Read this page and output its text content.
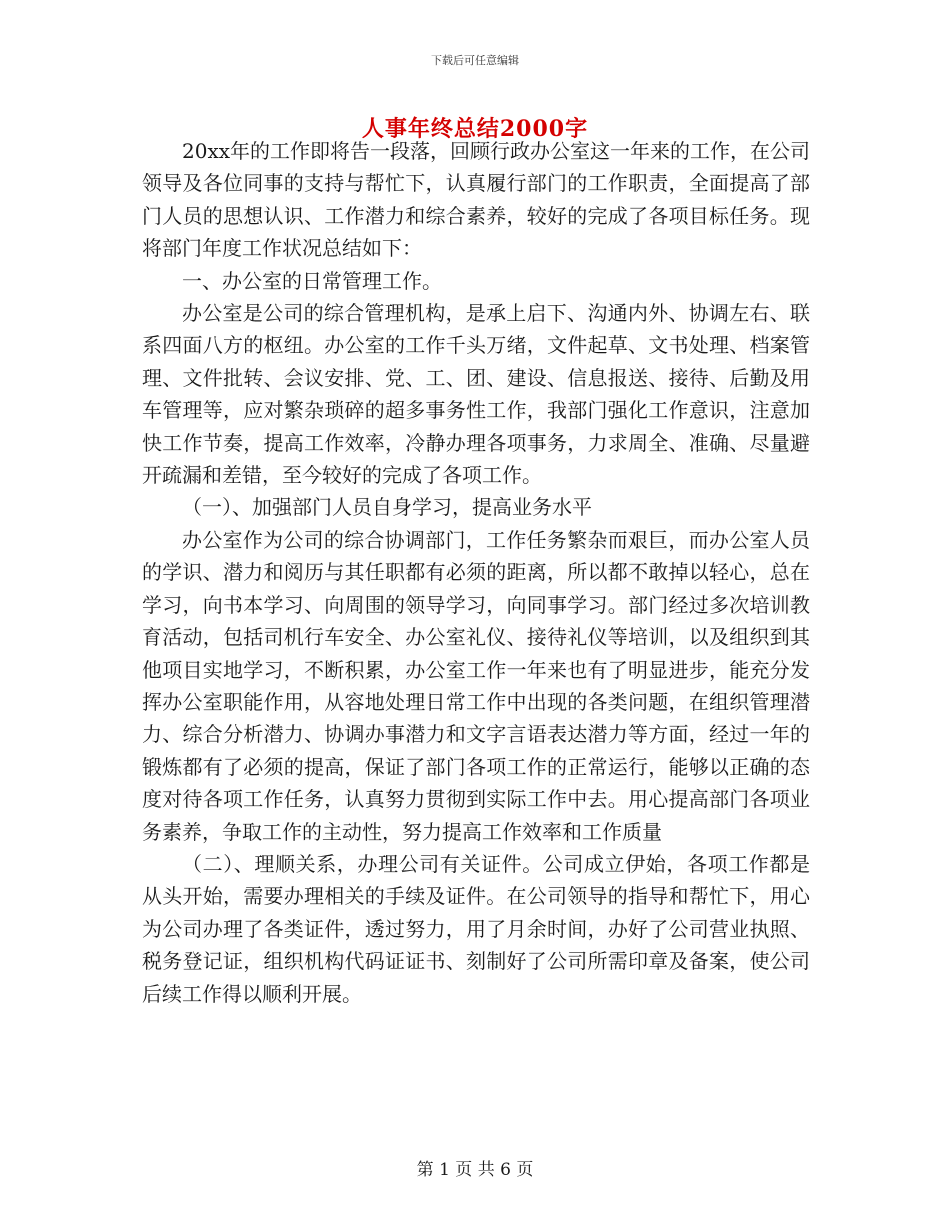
下载后可任意编辑
人事年终总结2000字

20xx年的工作即将告一段落，回顾行政办公室这一年来的工作，在公司领导及各位同事的支持与帮忙下，认真履行部门的工作职责，全面提高了部门人员的思想认识、工作潜力和综合素养，较好的完成了各项目标任务。现将部门年度工作状况总结如下：

一、办公室的日常管理工作。

办公室是公司的综合管理机构，是承上启下、沟通内外、协调左右、联系四面八方的枢纽。办公室的工作千头万绪，文件起草、文书处理、档案管理、文件批转、会议安排、党、工、团、建设、信息报送、接待、后勤及用车管理等，应对繁杂琐碎的超多事务性工作，我部门强化工作意识，注意加快工作节奏，提高工作效率，冷静办理各项事务，力求周全、准确、尽量避开疏漏和差错，至今较好的完成了各项工作。

（一）、加强部门人员自身学习，提高业务水平

办公室作为公司的综合协调部门，工作任务繁杂而艰巨，而办公室人员的学识、潜力和阅历与其任职都有必须的距离，所以都不敢掉以轻心，总在学习，向书本学习、向周围的领导学习，向同事学习。部门经过多次培训教育活动，包括司机行车安全、办公室礼仪、接待礼仪等培训，以及组织到其他项目实地学习，不断积累，办公室工作一年来也有了明显进步，能充分发挥办公室职能作用，从容地处理日常工作中出现的各类问题，在组织管理潜力、综合分析潜力、协调办事潜力和文字言语表达潜力等方面，经过一年的锻炼都有了必须的提高，保证了部门各项工作的正常运行，能够以正确的态度对待各项工作任务，认真努力贯彻到实际工作中去。用心提高部门各项业务素养，争取工作的主动性，努力提高工作效率和工作质量

（二）、理顺关系，办理公司有关证件。公司成立伊始，各项工作都是从头开始，需要办理相关的手续及证件。在公司领导的指导和帮忙下，用心为公司办理了各类证件，透过努力，用了月余时间，办好了公司营业执照、税务登记证，组织机构代码证证书、刻制好了公司所需印章及备案，使公司后续工作得以顺利开展。

第 1 页 共 6 页
